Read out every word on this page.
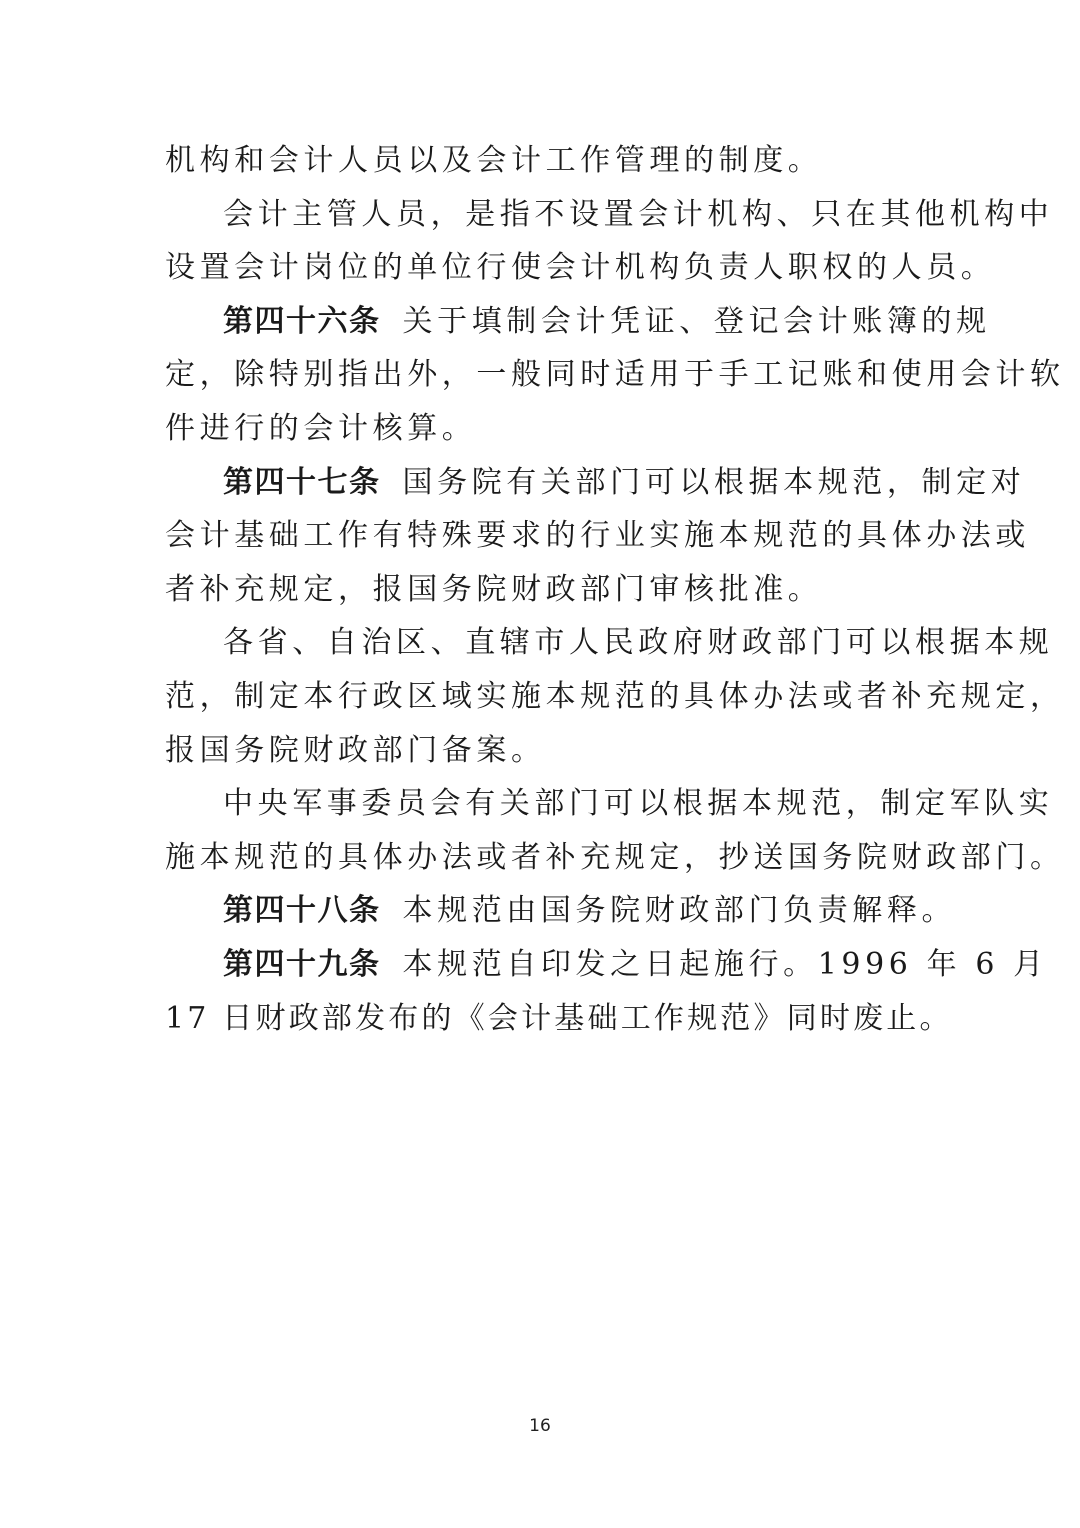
机构和会计人员以及会计工作管理的制度。
会计主管人员，是指不设置会计机构、只在其他机构中
设置会计岗位的单位行使会计机构负责人职权的人员。
第四十六条 关于填制会计凭证、登记会计账簿的规
定，除特别指出外，一般同时适用于手工记账和使用会计软
件进行的会计核算。
第四十七条 国务院有关部门可以根据本规范，制定对
会计基础工作有特殊要求的行业实施本规范的具体办法或
者补充规定，报国务院财政部门审核批准。
各省、自治区、直辖市人民政府财政部门可以根据本规
范，制定本行政区域实施本规范的具体办法或者补充规定，
报国务院财政部门备案。
中央军事委员会有关部门可以根据本规范，制定军队实
施本规范的具体办法或者补充规定，抄送国务院财政部门。
第四十八条 本规范由国务院财政部门负责解释。
第四十九条 本规范自印发之日起施行。1996 年 6 月
17 日财政部发布的《会计基础工作规范》同时废止。
16
